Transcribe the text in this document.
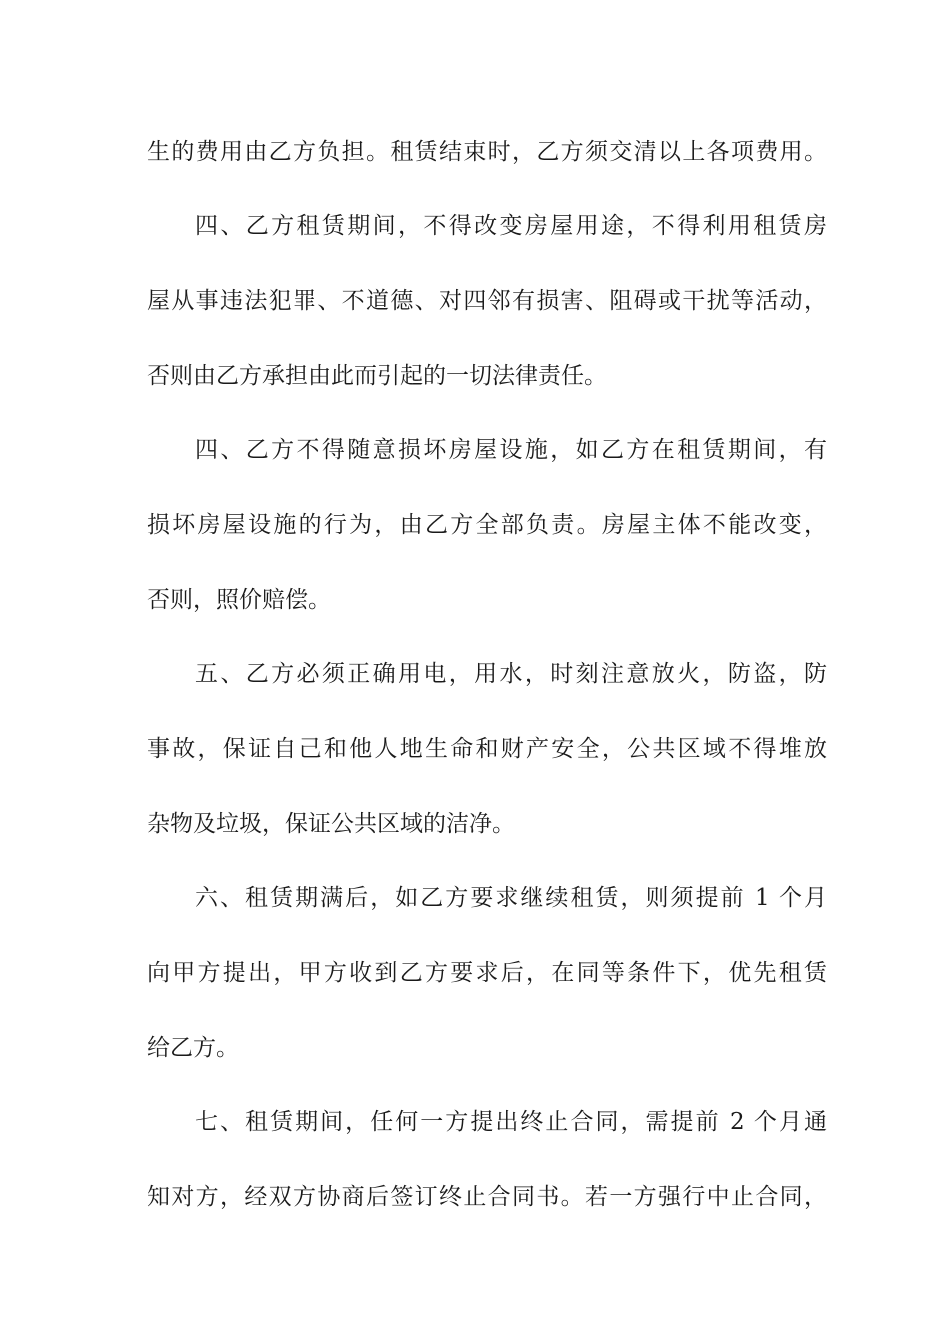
生的费用由乙方负担。租赁结束时，乙方须交清以上各项费用。
四、乙方租赁期间，不得改变房屋用途，不得利用租赁房
屋从事违法犯罪、不道德、对四邻有损害、阻碍或干扰等活动，
否则由乙方承担由此而引起的一切法律责任。
四、乙方不得随意损坏房屋设施，如乙方在租赁期间，有
损坏房屋设施的行为，由乙方全部负责。房屋主体不能改变，
否则，照价赔偿。
五、乙方必须正确用电，用水，时刻注意放火，防盗，防
事故，保证自己和他人地生命和财产安全，公共区域不得堆放
杂物及垃圾，保证公共区域的洁净。
六、租赁期满后，如乙方要求继续租赁，则须提前 1 个月
向甲方提出，甲方收到乙方要求后，在同等条件下，优先租赁
给乙方。
七、租赁期间，任何一方提出终止合同，需提前 2 个月通
知对方，经双方协商后签订终止合同书。若一方强行中止合同，
